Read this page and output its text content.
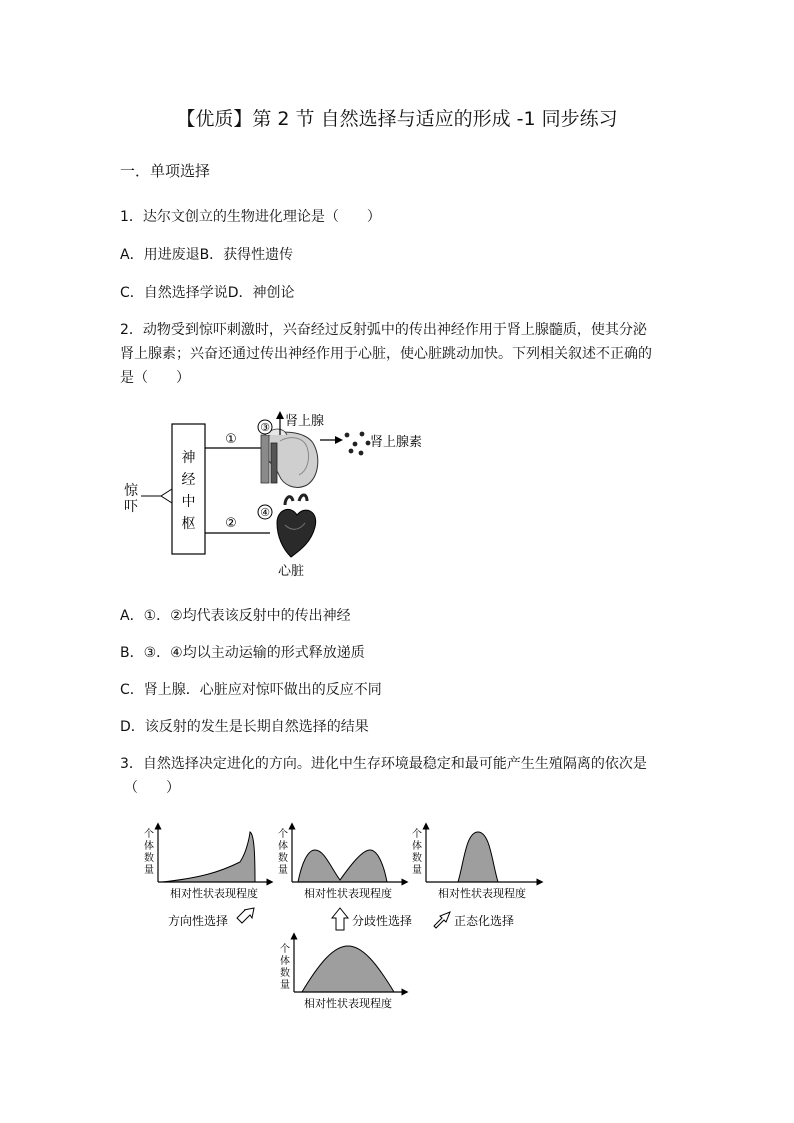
【优质】第 2 节 自然选择与适应的形成 -1 同步练习
一．单项选择
1．达尔文创立的生物进化理论是（　　）
A．用进废退B．获得性遗传
C．自然选择学说D．神创论
2．动物受到惊吓刺激时，兴奋经过反射弧中的传出神经作用于肾上腺髓质，使其分泌
肾上腺素；兴奋还通过传出神经作用于心脏，使心脏跳动加快。下列相关叙述不正确的
是（　　）
惊
吓
神
经
中
枢
①
②
③ 肾上腺
肾上腺素
④
心脏
A．①．②均代表该反射中的传出神经
B．③．④均以主动运输的形式释放递质
C．肾上腺．心脏应对惊吓做出的反应不同
D．该反射的发生是长期自然选择的结果
3．自然选择决定进化的方向。进化中生存环境最稳定和最可能产生生殖隔离的依次是
（　　）
个
体
数
量
相对性状表现程度
个
体
数
量
相对性状表现程度
个
体
数
量
相对性状表现程度
方向性选择	分歧性选择	正态化选择
个
体
数
量
相对性状表现程度
